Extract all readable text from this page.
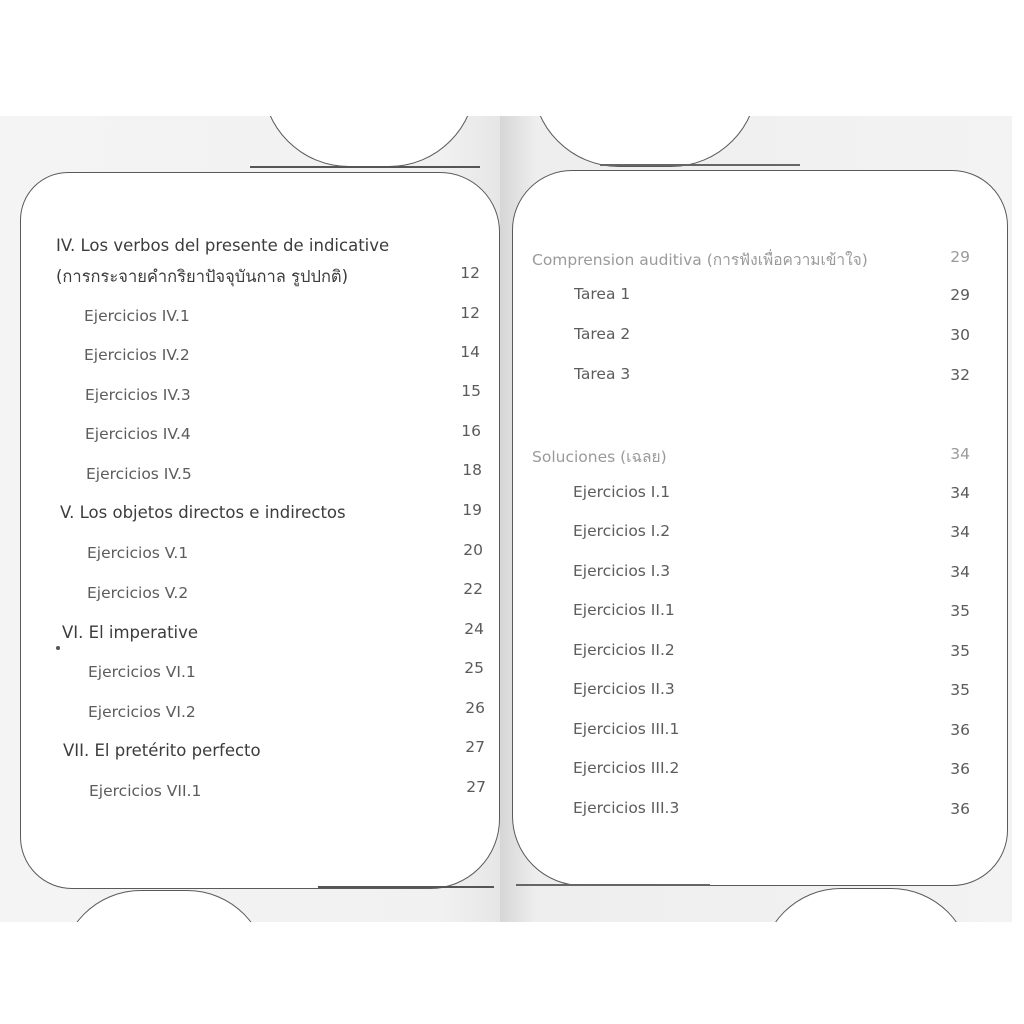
IV. Los verbos del presente de indicative
(การกระจายคำกริยาปัจจุบันกาล รูปปกติ)	12
Ejercicios IV.1	12
Ejercicios IV.2	14
Ejercicios IV.3	15
Ejercicios IV.4	16
Ejercicios IV.5	18
V. Los objetos directos e indirectos	19
Ejercicios V.1	20
Ejercicios V.2	22
VI. El imperative	24
Ejercicios VI.1	25
Ejercicios VI.2	26
VII. El pretérito perfecto	27
Ejercicios VII.1	27
Comprension auditiva (การฟังเพื่อความเข้าใจ)	29
Tarea 1	29
Tarea 2	30
Tarea 3	32
Soluciones (เฉลย)	34
Ejercicios I.1	34
Ejercicios I.2	34
Ejercicios I.3	34
Ejercicios II.1	35
Ejercicios II.2	35
Ejercicios II.3	35
Ejercicios III.1	36
Ejercicios III.2	36
Ejercicios III.3	36
